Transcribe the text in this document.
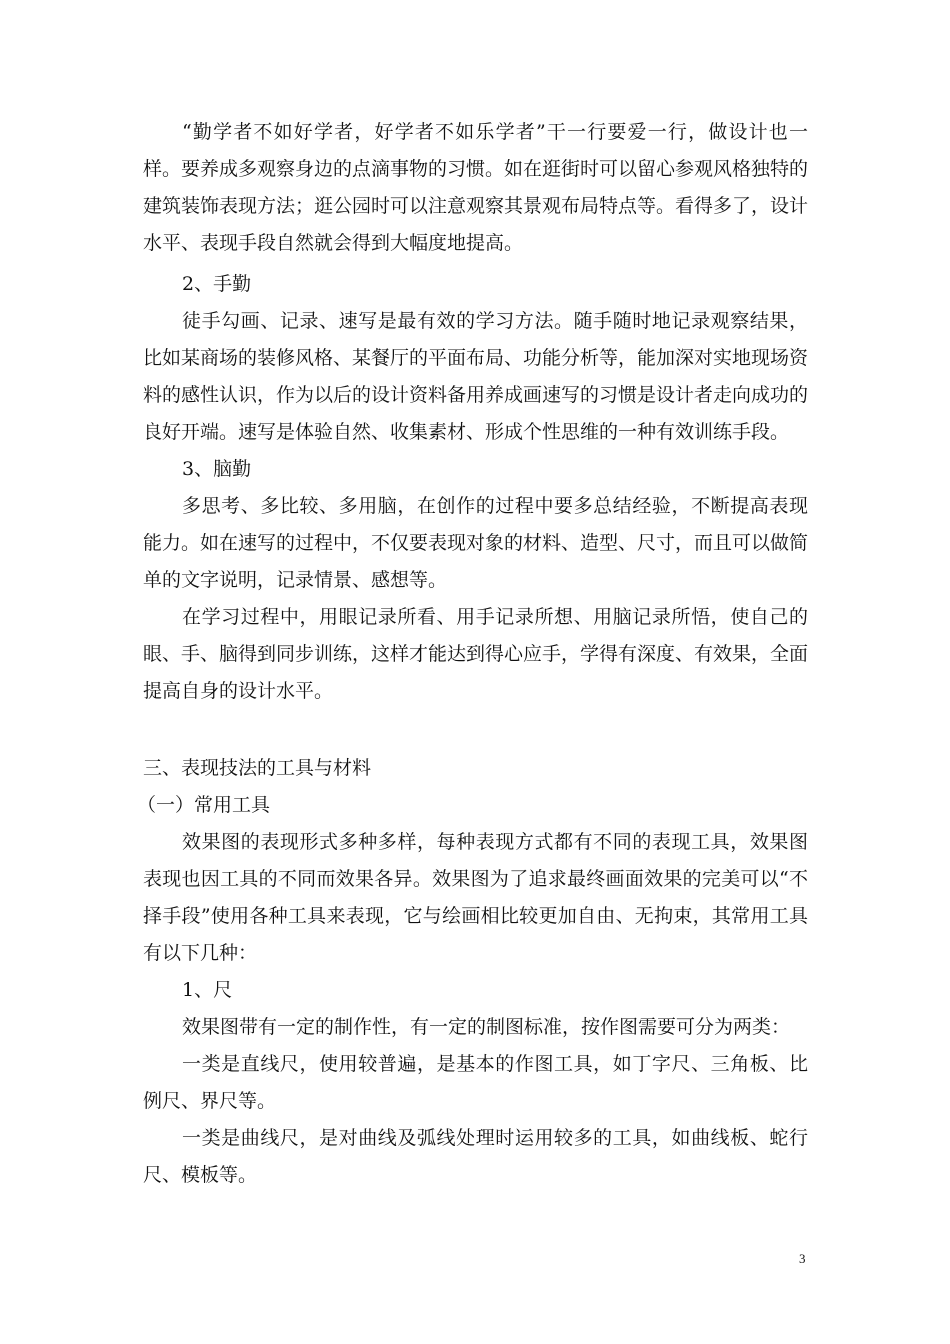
“勤学者不如好学者，好学者不如乐学者”干一行要爱一行，做设计也一样。要养成多观察身边的点滴事物的习惯。如在逛街时可以留心参观风格独特的建筑装饰表现方法；逛公园时可以注意观察其景观布局特点等。看得多了，设计水平、表现手段自然就会得到大幅度地提高。

2、手勤

徒手勾画、记录、速写是最有效的学习方法。随手随时地记录观察结果，比如某商场的装修风格、某餐厅的平面布局、功能分析等，能加深对实地现场资料的感性认识，作为以后的设计资料备用养成画速写的习惯是设计者走向成功的良好开端。速写是体验自然、收集素材、形成个性思维的一种有效训练手段。

3、脑勤

多思考、多比较、多用脑，在创作的过程中要多总结经验，不断提高表现能力。如在速写的过程中，不仅要表现对象的材料、造型、尺寸，而且可以做简单的文字说明，记录情景、感想等。

在学习过程中，用眼记录所看、用手记录所想、用脑记录所悟，使自己的眼、手、脑得到同步训练，这样才能达到得心应手，学得有深度、有效果，全面提高自身的设计水平。

三、表现技法的工具与材料

（一）常用工具

效果图的表现形式多种多样，每种表现方式都有不同的表现工具，效果图表现也因工具的不同而效果各异。效果图为了追求最终画面效果的完美可以“不择手段”使用各种工具来表现，它与绘画相比较更加自由、无拘束，其常用工具有以下几种：

1、尺

效果图带有一定的制作性，有一定的制图标准，按作图需要可分为两类：

一类是直线尺，使用较普遍，是基本的作图工具，如丁字尺、三角板、比例尺、界尺等。

一类是曲线尺，是对曲线及弧线处理时运用较多的工具，如曲线板、蛇行尺、模板等。

3
